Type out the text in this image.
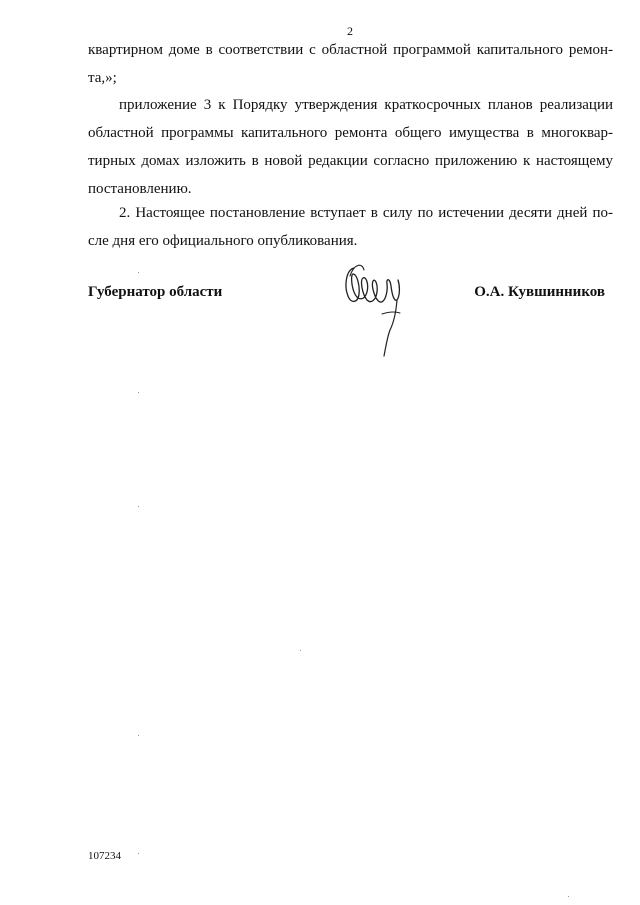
2

квартирном доме в соответствии с областной программой капитального ремон-
та,»;

приложение 3 к Порядку утверждения краткосрочных планов реализации
областной программы капитального ремонта общего имущества в многоквар-
тирных домах изложить в новой редакции согласно приложению к настоящему
постановлению.

2. Настоящее постановление вступает в силу по истечении десяти дней по-
сле дня его официального опубликования.

Губернатор области	О.А. Кувшинников
107234
